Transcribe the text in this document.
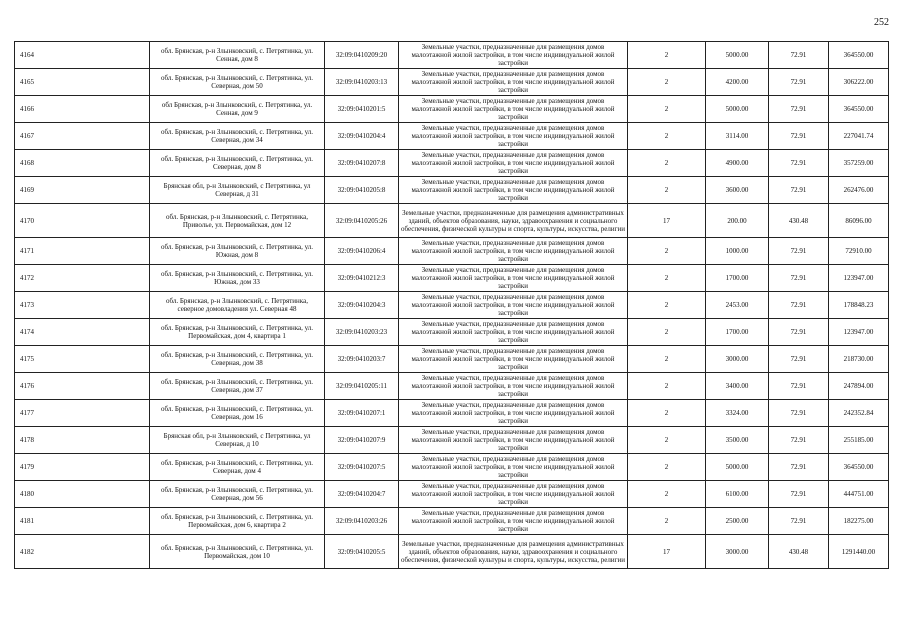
252
4164	обл. Брянская, р-н Злынковский, с. Петрятинка, ул. Сенная, дом 8	32:09:0410209:20	Земельные участки, предназначенные для размещения домов малоэтажной жилой застройки, в том числе индивидуальной жилой застройки	2	5000.00	72.91	364550.00
4165	обл. Брянская, р-н Злынковский, с. Петрятинка, ул. Северная, дом 50	32:09:0410203:13	Земельные участки, предназначенные для размещения домов малоэтажной жилой застройки, в том числе индивидуальной жилой застройки	2	4200.00	72.91	306222.00
4166	обл Брянская, р-н Злынковский, с. Петрятинка, ул. Сенная, дом 9	32:09:0410201:5	Земельные участки, предназначенные для размещения домов малоэтажной жилой застройки, в том числе индивидуальной жилой застройки	2	5000.00	72.91	364550.00
4167	обл. Брянская, р-н Злынковский, с. Петрятинка, ул. Северная, дом 34	32:09:0410204:4	Земельные участки, предназначенные для размещения домов малоэтажной жилой застройки, в том числе индивидуальной жилой застройки	2	3114.00	72.91	227041.74
4168	обл. Брянская, р-н Злынковский, с. Петрятинка, ул. Северная, дом 8	32:09:0410207:8	Земельные участки, предназначенные для размещения домов малоэтажной жилой застройки, в том числе индивидуальной жилой застройки	2	4900.00	72.91	357259.00
4169	Брянская обл, р-н Злынковский, с Петрятинка, ул Северная, д 31	32:09:0410205:8	Земельные участки, предназначенные для размещения домов малоэтажной жилой застройки, в том числе индивидуальной жилой застройки	2	3600.00	72.91	262476.00
4170	обл. Брянская, р-н Злынковский, с. Петрятинка, Приволье, ул. Первомайская, дом 12	32:09:0410205:26	Земельные участки, предназначенные для размещения административных зданий, объектов образования, науки, здравоохранения и социального обеспечения, физической культуры и спорта, культуры, искусства, религии	17	200.00	430.48	86096.00
4171	обл. Брянская, р-н Злынковский, с. Петрятинка, ул. Южная, дом 8	32:09:0410206:4	Земельные участки, предназначенные для размещения домов малоэтажной жилой застройки, в том числе индивидуальной жилой застройки	2	1000.00	72.91	72910.00
4172	обл. Брянская, р-н Злынковский, с. Петрятинка, ул. Южная, дом 33	32:09:0410212:3	Земельные участки, предназначенные для размещения домов малоэтажной жилой застройки, в том числе индивидуальной жилой застройки	2	1700.00	72.91	123947.00
4173	обл. Брянская, р-н Злынковский, с. Петрятинка, северное домовладения ул. Северная 48	32:09:0410204:3	Земельные участки, предназначенные для размещения домов малоэтажной жилой застройки, в том числе индивидуальной жилой застройки	2	2453.00	72.91	178848.23
4174	обл. Брянская, р-н Злынковский, с. Петрятинка, ул. Первомайская, дом 4, квартира 1	32:09:0410203:23	Земельные участки, предназначенные для размещения домов малоэтажной жилой застройки, в том числе индивидуальной жилой застройки	2	1700.00	72.91	123947.00
4175	обл. Брянская, р-н Злынковский, с. Петрятинка, ул. Северная, дом 38	32:09:0410203:7	Земельные участки, предназначенные для размещения домов малоэтажной жилой застройки, в том числе индивидуальной жилой застройки	2	3000.00	72.91	218730.00
4176	обл. Брянская, р-н Злынковский, с. Петрятинка, ул. Северная, дом 37	32:09:0410205:11	Земельные участки, предназначенные для размещения домов малоэтажной жилой застройки, в том числе индивидуальной жилой застройки	2	3400.00	72.91	247894.00
4177	обл. Брянская, р-н Злынковский, с. Петрятинка, ул. Северная, дом 16	32:09:0410207:1	Земельные участки, предназначенные для размещения домов малоэтажной жилой застройки, в том числе индивидуальной жилой застройки	2	3324.00	72.91	242352.84
4178	Брянская обл, р-н Злынковский, с Петрятинка, ул Северная, д 10	32:09:0410207:9	Земельные участки, предназначенные для размещения домов малоэтажной жилой застройки, в том числе индивидуальной жилой застройки	2	3500.00	72.91	255185.00
4179	обл. Брянская, р-н Злынковский, с. Петрятинка, ул. Северная, дом 4	32:09:0410207:5	Земельные участки, предназначенные для размещения домов малоэтажной жилой застройки, в том числе индивидуальной жилой застройки	2	5000.00	72.91	364550.00
4180	обл. Брянская, р-н Злынковский, с. Петрятинка, ул. Северная, дом 56	32:09:0410204:7	Земельные участки, предназначенные для размещения домов малоэтажной жилой застройки, в том числе индивидуальной жилой застройки	2	6100.00	72.91	444751.00
4181	обл. Брянская, р-н Злынковский, с. Петрятинка, ул. Первомайская, дом 6, квартира 2	32:09:0410203:26	Земельные участки, предназначенные для размещения домов малоэтажной жилой застройки, в том числе индивидуальной жилой застройки	2	2500.00	72.91	182275.00
4182	обл. Брянская, р-н Злынковский, с. Петрятинка, ул. Первомайская, дом 10	32:09:0410205:5	Земельные участки, предназначенные для размещения административных зданий, объектов образования, науки, здравоохранения и социального обеспечения, физической культуры и спорта, культуры, искусства, религии	17	3000.00	430.48	1291440.00
